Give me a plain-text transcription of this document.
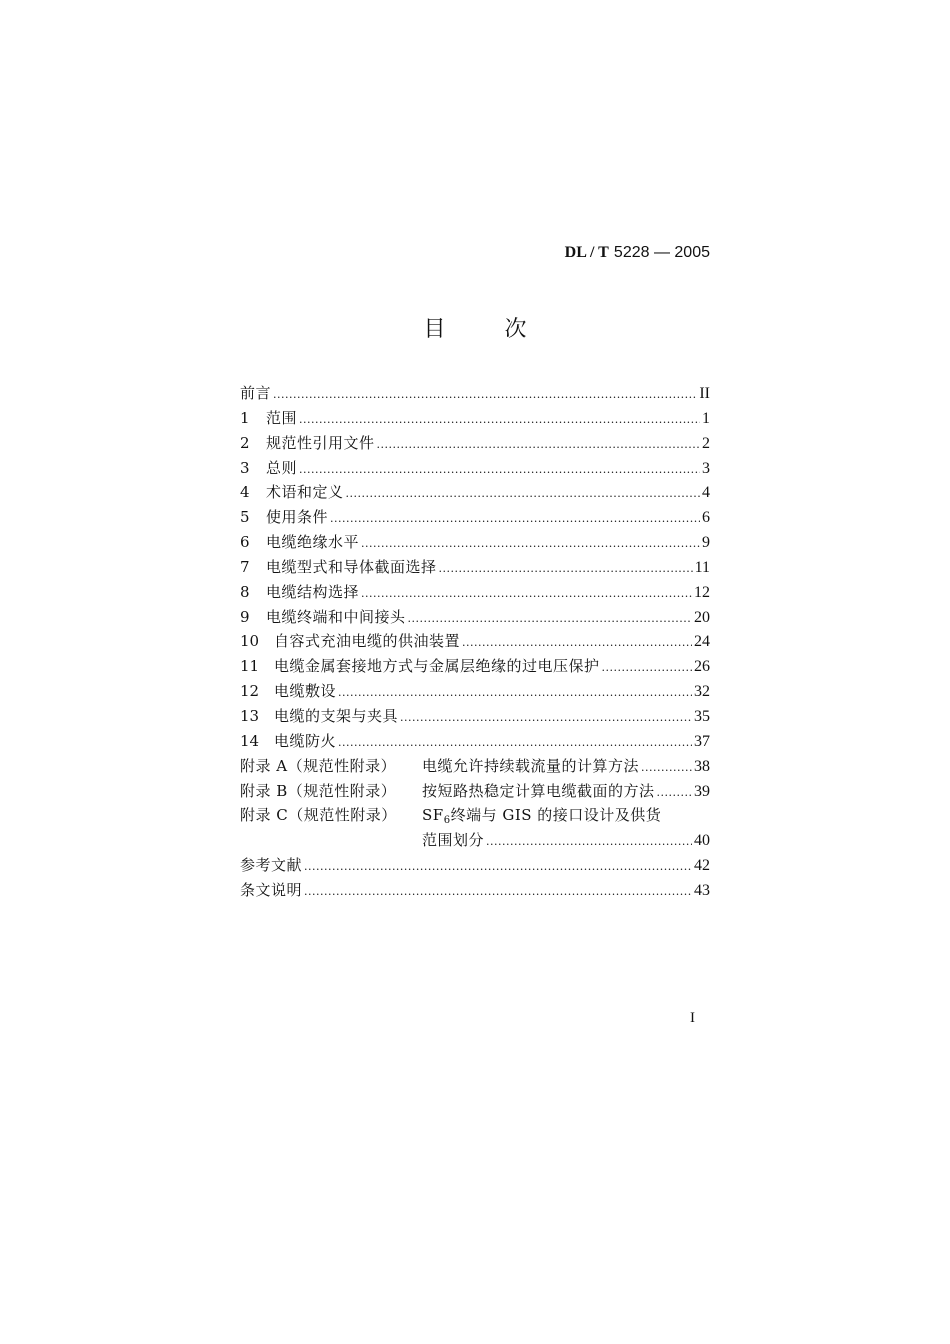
DL / T 5228 — 2005
目 次
前言 .....	II
1	范围 .....	1
2	规范性引用文件 .....	2
3	总则 .....	3
4	术语和定义 .....	4
5	使用条件 .....	6
6	电缆绝缘水平 .....	9
7	电缆型式和导体截面选择 .....	11
8	电缆结构选择 .....	12
9	电缆终端和中间接头 .....	20
10 自容式充油电缆的供油装置 .....	24
11 电缆金属套接地方式与金属层绝缘的过电压保护 .....	26
12 电缆敷设 .....	32
13 电缆的支架与夹具 .....	35
14 电缆防火 .....	37
附录 A（规范性附录）	电缆允许持续载流量的计算方法 .....	38
附录 B（规范性附录）	按短路热稳定计算电缆截面的方法 ..... 39
附录 C（规范性附录）	$SF_6$终端与 GIS 的接口设计及供货
范围划分 .....	40
参考文献 .....	42
条文说明 .....	43
I
